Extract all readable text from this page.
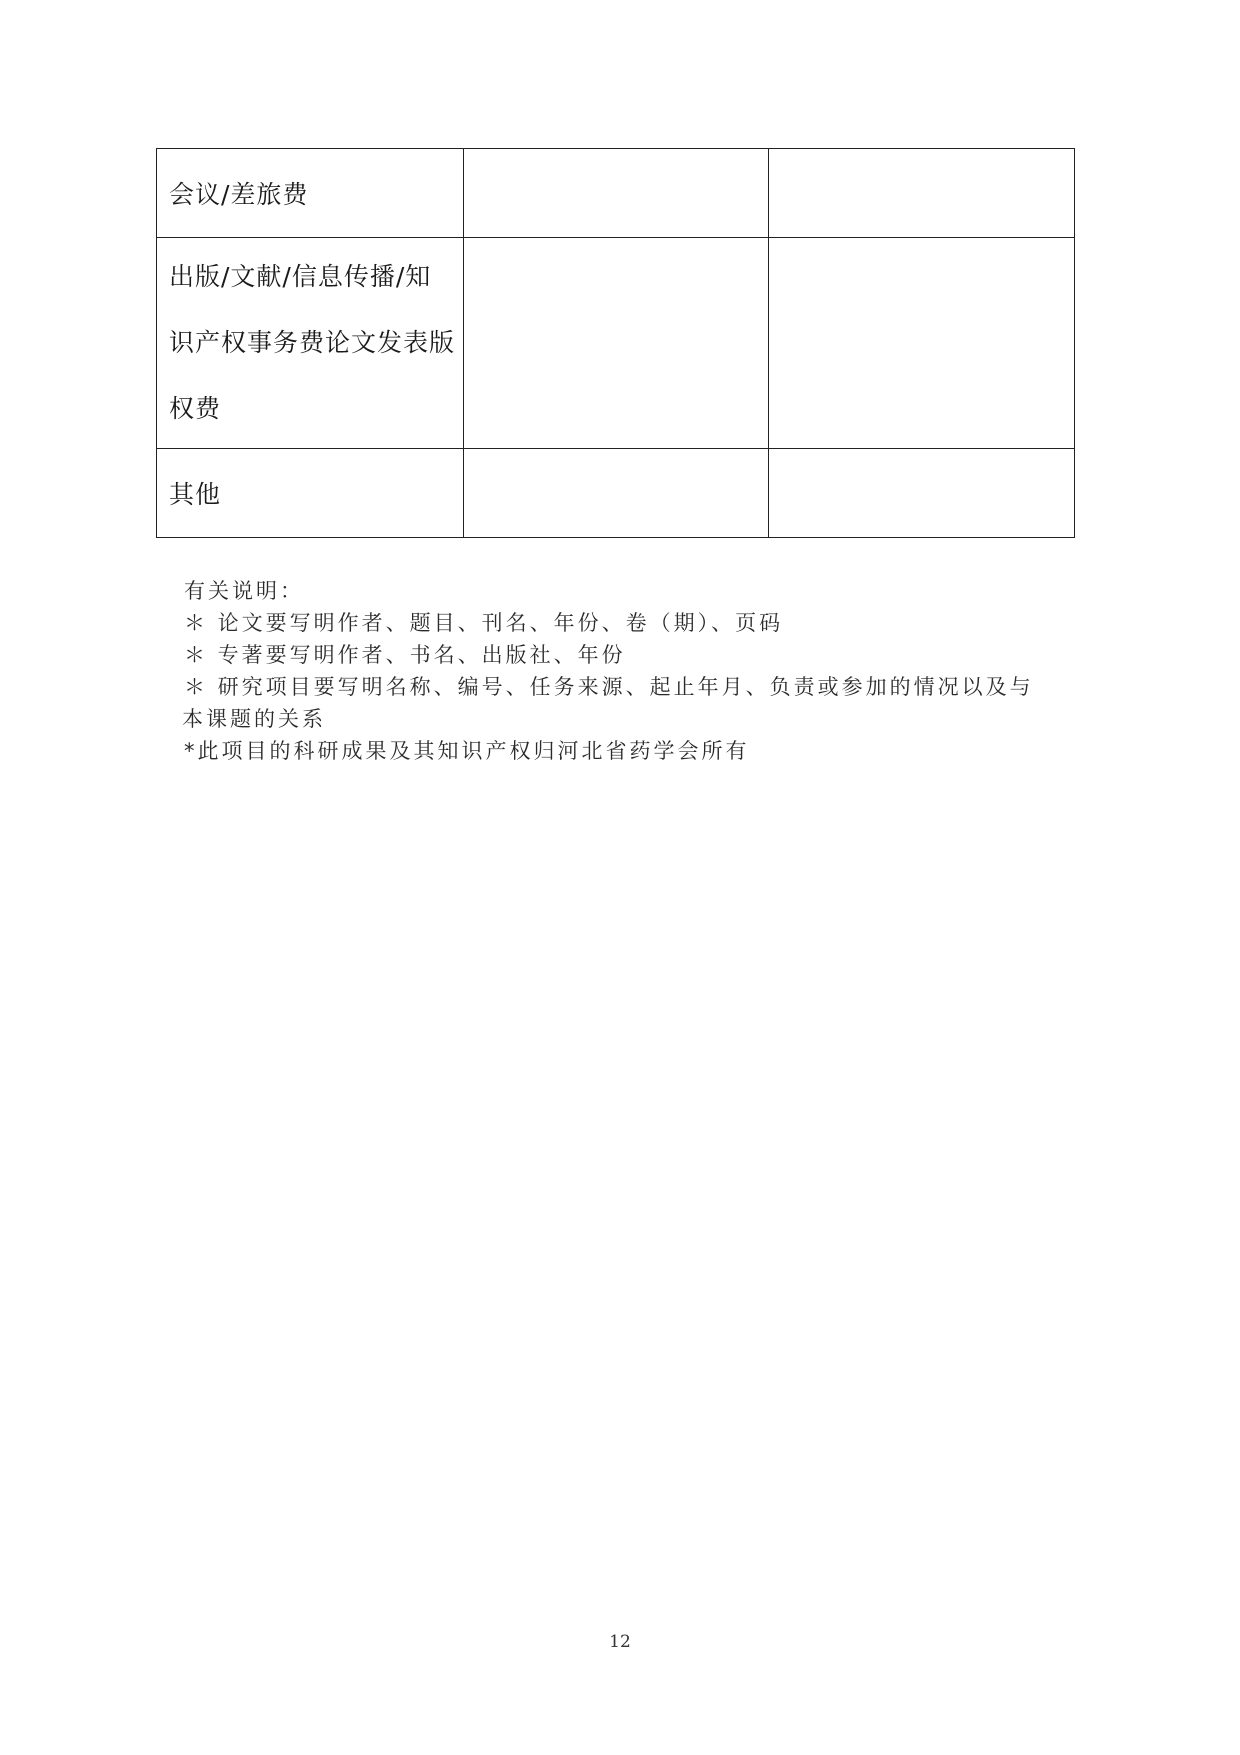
会议/差旅费		

出版/文献/信息传播/知
识产权事务费论文发表版
权费		

其他		
有关说明：
＊ 论文要写明作者、题目、刊名、年份、卷（期）、页码
＊ 专著要写明作者、书名、出版社、年份
＊ 研究项目要写明名称、编号、任务来源、起止年月、负责或参加的情况以及与
本课题的关系
*此项目的科研成果及其知识产权归河北省药学会所有
12
